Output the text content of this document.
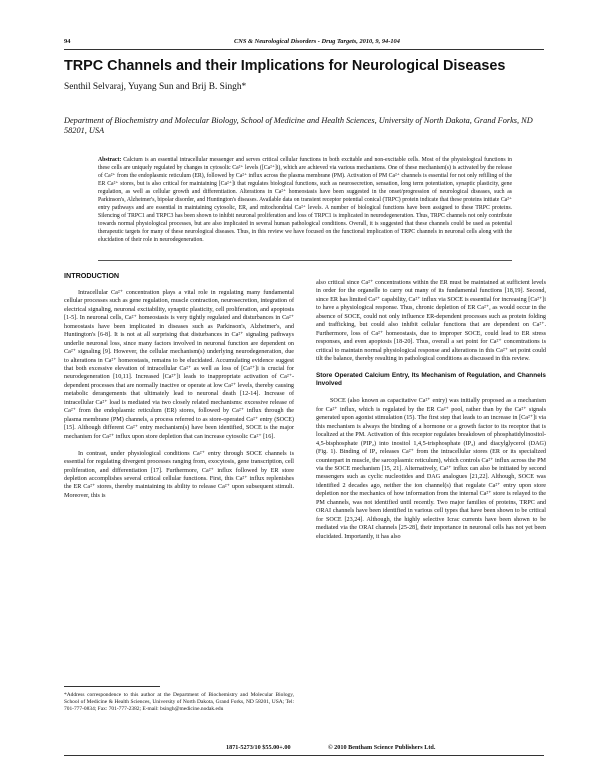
94	CNS & Neurological Disorders - Drug Targets, 2010, 9, 94-104
TRPC Channels and their Implications for Neurological Diseases
Senthil Selvaraj, Yuyang Sun and Brij B. Singh*
Department of Biochemistry and Molecular Biology, School of Medicine and Health Sciences, University of North Dakota, Grand Forks, ND 58201, USA
Abstract: Calcium is an essential intracellular messenger and serves critical cellular functions in both excitable and non-excitable cells. Most of the physiological functions in these cells are uniquely regulated by changes in cytosolic Ca²⁺ levels ([Ca²⁺]i), which are achieved via various mechanisms. One of these mechanism(s) is activated by the release of Ca²⁺ from the endoplasmic reticulum (ER), followed by Ca²⁺ influx across the plasma membrane (PM). Activation of PM Ca²⁺ channels is essential for not only refilling of the ER Ca²⁺ stores, but is also critical for maintaining [Ca²⁺]i that regulates biological functions, such as neurosecretion, sensation, long term potentiation, synaptic plasticity, gene regulation, as well as cellular growth and differentiation. Alterations in Ca²⁺ homeostasis have been suggested in the onset/progression of neurological diseases, such as Parkinson's, Alzheimer's, bipolar disorder, and Huntington's diseases. Available data on transient receptor potential conical (TRPC) protein indicate that these proteins initiate Ca²⁺ entry pathways and are essential in maintaining cytosolic, ER, and mitochondrial Ca²⁺ levels. A number of biological functions have been assigned to these TRPC proteins. Silencing of TRPC1 and TRPC3 has been shown to inhibit neuronal proliferation and loss of TRPC1 is implicated in neurodegeneration. Thus, TRPC channels not only contribute towards normal physiological processes, but are also implicated in several human pathological conditions. Overall, it is suggested that these channels could be used as potential therapeutic targets for many of these neurological diseases. Thus, in this review we have focused on the functional implication of TRPC channels in neuronal cells along with the elucidation of their role in neurodegeneration.

INTRODUCTION

Intracellular Ca²⁺ concentration plays a vital role in regulating many fundamental cellular processes such as gene regulation, muscle contraction, neurosecretion, integration of electrical signaling, neuronal excitability, synaptic plasticity, cell proliferation, and apoptosis [1-5]. In neuronal cells, Ca²⁺ homeostasis is very tightly regulated and disturbances in Ca²⁺ homeostasis have been implicated in diseases such as Parkinson's, Alzheimer's, and Huntington's [6-8]. It is not at all surprising that disturbances in Ca²⁺ signaling pathways underlie neuronal loss, since many factors involved in neuronal function are dependent on Ca²⁺ signaling [9]. However, the cellular mechanism(s) underlying neurodegeneration, due to alterations in Ca²⁺ homeostasis, remains to be elucidated. Accumulating evidence suggest that both excessive elevation of intracellular Ca²⁺ as well as loss of [Ca²⁺]i is crucial for neurodegeneration [10,11]. Increased [Ca²⁺]i leads to inappropriate activation of Ca²⁺-dependent processes that are normally inactive or operate at low Ca²⁺ levels, thereby causing metabolic derangements that ultimately lead to neuronal death [12-14]. Increase of intracellular Ca²⁺ load is mediated via two closely related mechanisms: excessive release of Ca²⁺ from the endoplasmic reticulum (ER) stores, followed by Ca²⁺ influx through the plasma membrane (PM) channels, a process referred to as store-operated Ca²⁺ entry (SOCE) [15]. Although different Ca²⁺ entry mechanism(s) have been identified, SOCE is the major mechanism for Ca²⁺ influx upon store depletion that can increase cytosolic Ca²⁺ [16].

In contrast, under physiological conditions Ca²⁺ entry through SOCE channels is essential for regulating divergent processes ranging from, exocytosis, gene transcription, cell proliferation, and differentiation [17]. Furthermore, Ca²⁺ influx followed by ER store depletion accomplishes several critical cellular functions. First, this Ca²⁺ influx replenishes the ER Ca²⁺ stores, thereby maintaining its ability to release Ca²⁺ upon subsequent stimuli. Moreover, this is

also critical since Ca²⁺ concentrations within the ER must be maintained at sufficient levels in order for the organelle to carry out many of its fundamental functions [18,19]. Second, since ER has limited Ca²⁺ capability, Ca²⁺ influx via SOCE is essential for increasing [Ca²⁺]i to have a physiological response. Thus, chronic depletion of ER Ca²⁺, as would occur in the absence of SOCE, could not only influence ER-dependent processes such as protein folding and trafficking, but could also inhibit cellular functions that are dependent on Ca²⁺. Furthermore, loss of Ca²⁺ homeostasis, due to improper SOCE, could lead to ER stress responses, and even apoptosis [18-20]. Thus, overall a set point for Ca²⁺ concentrations is critical to maintain normal physiological response and alterations in this Ca²⁺ set point could tilt the balance, thereby resulting in pathological conditions as discussed in this review.

Store Operated Calcium Entry, Its Mechanism of Regulation, and Channels Involved

SOCE (also known as capacitative Ca²⁺ entry) was initially proposed as a mechanism for Ca²⁺ influx, which is regulated by the ER Ca²⁺ pool, rather than by the Ca²⁺ signals generated upon agonist stimulation (15). The first step that leads to an increase in [Ca²⁺]i via this mechanism is always the binding of a hormone or a growth factor to its receptor that is localized at the PM. Activation of this receptor regulates breakdown of phosphatidylinositol-4,5-bisphosphate (PIP₂) into inositol 1,4,5-trisphosphate (IP₃) and diacylglycerol (DAG) (Fig. 1). Binding of IP₃ releases Ca²⁺ from the intracellular stores (ER or its specialized counterpart in muscle, the sarcoplasmic reticulum), which controls Ca²⁺ influx across the PM via the SOCE mechanism [15, 21]. Alternatively, Ca²⁺ influx can also be initiated by second messengers such as cyclic nucleotides and DAG analogues [21,22]. Although, SOCE was identified 2 decades ago, neither the ion channel(s) that regulate Ca²⁺ entry upon store depletion nor the mechanics of how information from the internal Ca²⁺ store is relayed to the PM channels, was not identified until recently. Two major families of proteins, TRPC and ORAI channels have been identified in various cell types that have been shown to be critical for SOCE [23,24]. Although, the highly selective Icrac currents have been shown to be mediated via the ORAI channels [25-28], their importance in neuronal cells has not yet been elucidated. Importantly, it has also

*Address correspondence to this author at the Department of Biochemistry and Molecular Biology, School of Medicine & Health Sciences, University of North Dakota, Grand Forks, ND 58201, USA; Tel: 701-777-0834; Fax: 701-777-2382; E-mail: bsingh@medicine.nodak.edu
1871-5273/10 $55.00+.00	© 2010 Bentham Science Publishers Ltd.
